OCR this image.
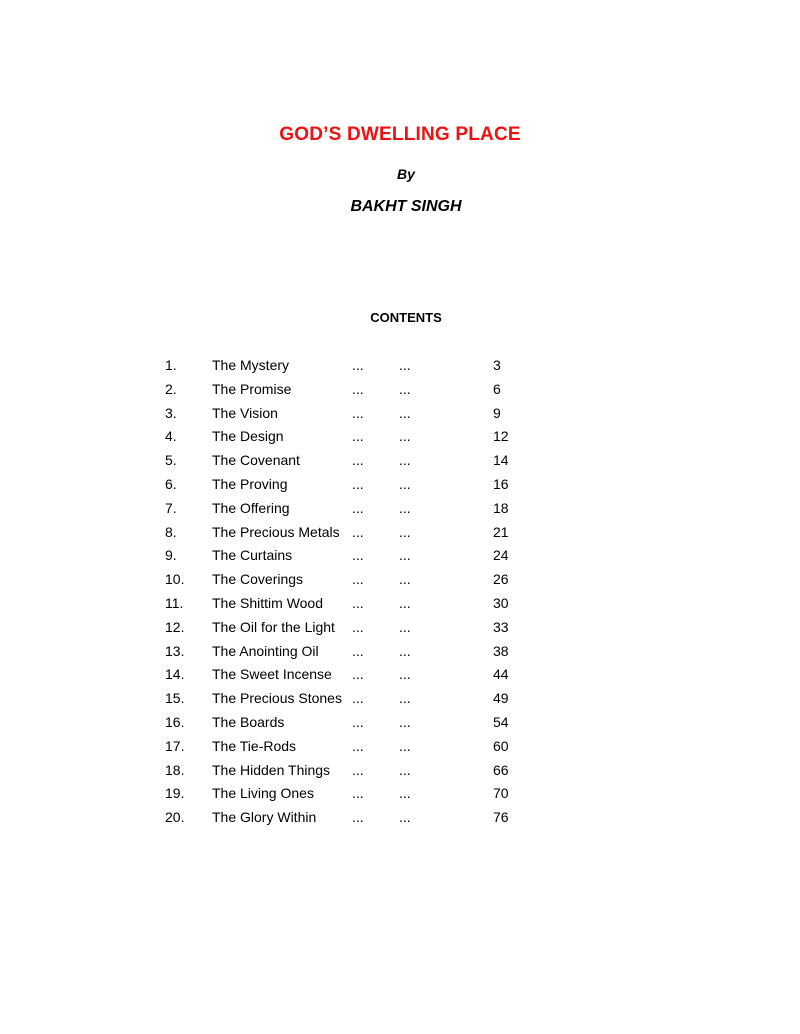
GOD’S DWELLING PLACE
By
BAKHT SINGH
CONTENTS
1.	The Mystery	...	...	3
2.	The Promise	...	...	6
3.	The Vision	...	...	9
4.	The Design	...	...	12
5.	The Covenant	...	...	14
6.	The Proving	...	...	16
7.	The Offering	...	...	18
8.	The Precious Metals ...	...	21
9.	The Curtains	...	...	24
10. The Coverings	...	...	26
11. The Shittim Wood ...	...	30
12. The Oil for the Light ...	...	33
13. The Anointing Oil ...	...	38
14. The Sweet Incense ...	...	44
15. The Precious Stones ...	...	49
16. The Boards	...	...	54
17. The Tie-Rods	...	...	60
18. The Hidden Things ...	...	66
19. The Living Ones	...	...	70
20. The Glory Within	...	...	76
